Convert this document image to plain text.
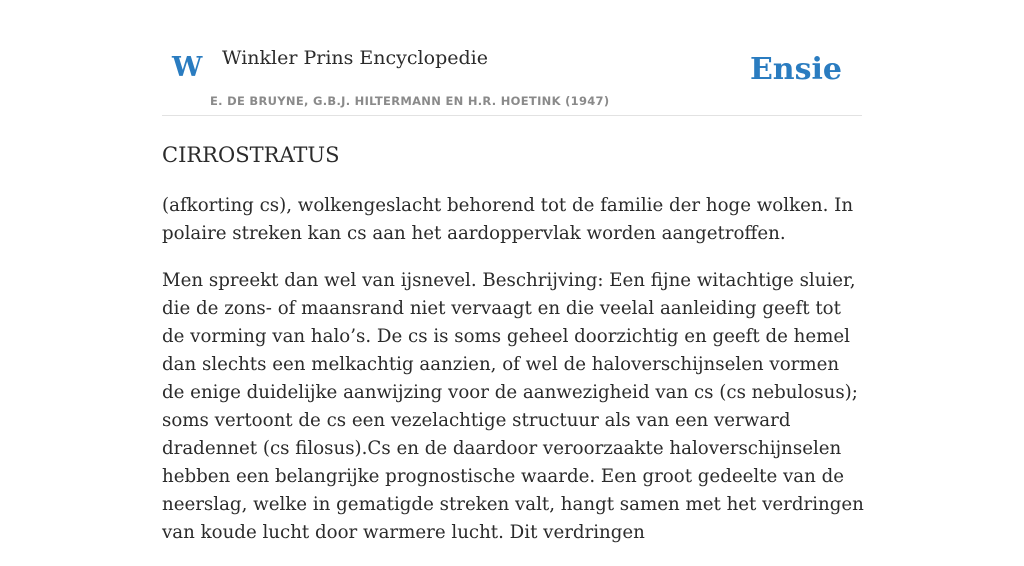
W Winkler Prins Encyclopedie
E. DE BRUYNE, G.B.J. HILTERMANN EN H.R. HOETINK (1947)
Ensie
CIRROSTRATUS

(afkorting cs), wolkengeslacht behorend tot de familie der hoge wolken. In polaire streken kan cs aan het aardoppervlak worden aangetroffen.

Men spreekt dan wel van ijsnevel. Beschrijving: Een fijne witachtige sluier, die de zons- of maansrand niet vervaagt en die veelal aanleiding geeft tot de vorming van halo’s. De cs is soms geheel doorzichtig en geeft de hemel dan slechts een melkachtig aanzien, of wel de haloverschijnselen vormen de enige duidelijke aanwijzing voor de aanwezigheid van cs (cs nebulosus); soms vertoont de cs een vezelachtige structuur als van een verward dradennet (cs filosus).Cs en de daardoor veroorzaakte haloverschijnselen hebben een belangrijke prognostische waarde. Een groot gedeelte van de neerslag, welke in gematigde streken valt, hangt samen met het verdringen van koude lucht door warmere lucht. Dit verdringen
